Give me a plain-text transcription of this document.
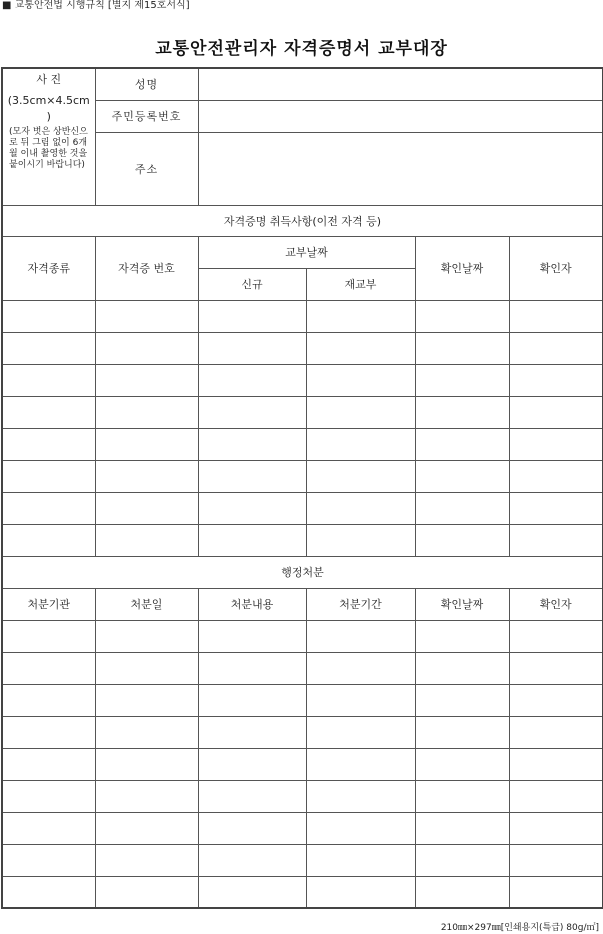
■ 교통안전법 시행규칙 [별지 제15호서식]
교통안전관리자 자격증명서 교부대장
사 진
(3.5cm×4.5cm
)
(모자 벗은 상반신으로 뒤 그림 없이 6개월 이내 촬영한 것을 붙이시기 바랍니다)	성명				
	주민등록번호				
	주소				
자격증명 취득사항(이전 자격 등)					
자격종류	자격증 번호	교부날짜		확인날짜	확인자
		신규	재교부		

행정처분					
처분기관	처분일	처분내용	처분기간	확인날짜	확인자

210㎜×297㎜[인쇄용지(특급) 80g/㎡]
